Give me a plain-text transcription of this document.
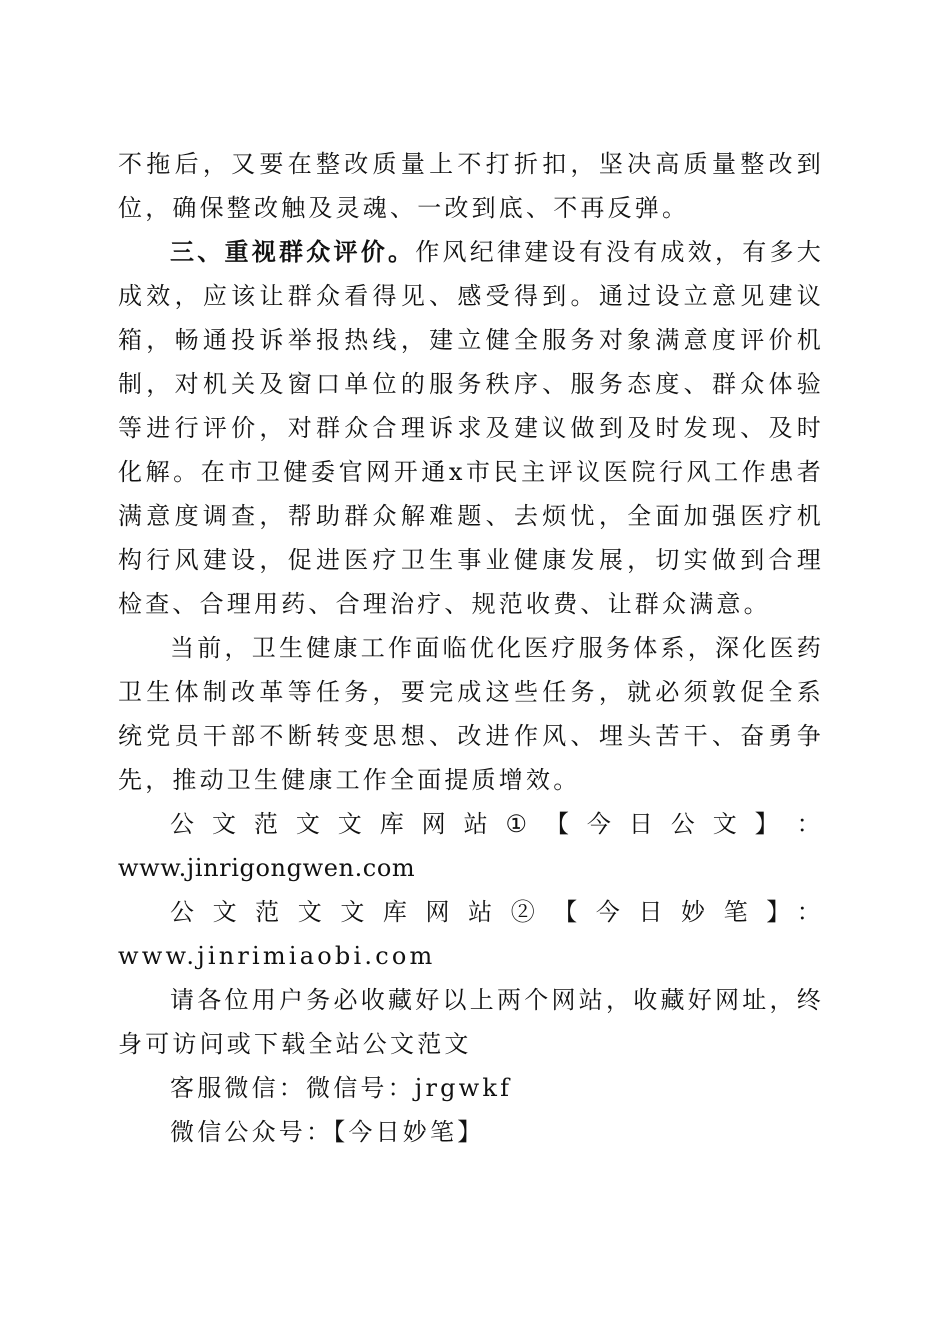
不拖后，又要在整改质量上不打折扣，坚决高质量整改到位，确保整改触及灵魂、一改到底、不再反弹。

三、重视群众评价。作风纪律建设有没有成效，有多大成效，应该让群众看得见、感受得到。通过设立意见建议箱，畅通投诉举报热线，建立健全服务对象满意度评价机制，对机关及窗口单位的服务秩序、服务态度、群众体验等进行评价，对群众合理诉求及建议做到及时发现、及时化解。在市卫健委官网开通x市民主评议医院行风工作患者满意度调查，帮助群众解难题、去烦忧，全面加强医疗机构行风建设，促进医疗卫生事业健康发展，切实做到合理检查、合理用药、合理治疗、规范收费、让群众满意。

当前，卫生健康工作面临优化医疗服务体系，深化医药卫生体制改革等任务，要完成这些任务，就必须敦促全系统党员干部不断转变思想、改进作风、埋头苦干、奋勇争先，推动卫生健康工作全面提质增效。

公 文 范 文 文 库 网 站 ① 【 今 日 公 文 】 ：

www.jinrigongwen.com

公文范文文库网站②【今日妙笔】：www.jinrimiaobi.com

请各位用户务必收藏好以上两个网站，收藏好网址，终身可访问或下载全站公文范文

客服微信：微信号：jrgwkf

微信公众号：【今日妙笔】
